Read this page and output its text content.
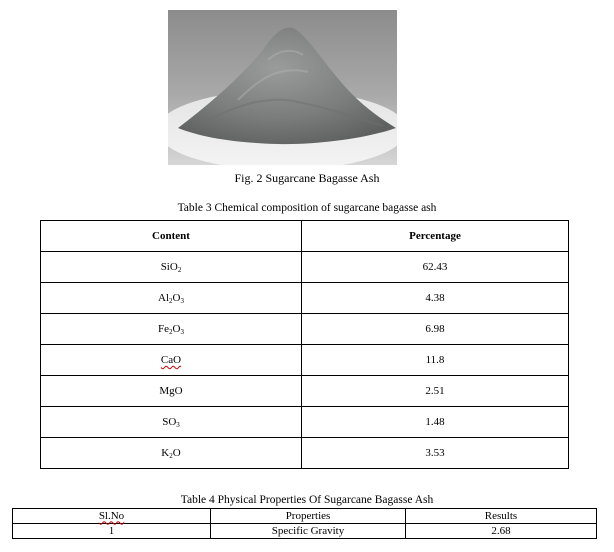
Fig. 2 Sugarcane Bagasse Ash
Table 3 Chemical composition of sugarcane bagasse ash
Content	Percentage
SiO$_2$	62.43
$Al_2O_3$	4.38
$Fe_2O_3$	6.98
CaO	11.8
MgO	2.51
$SO_3$	1.48
$K_2O$	3.53
Table 4 Physical Properties Of Sugarcane Bagasse Ash
Sl.No	Properties	Results
1	Specific Gravity	2.68
